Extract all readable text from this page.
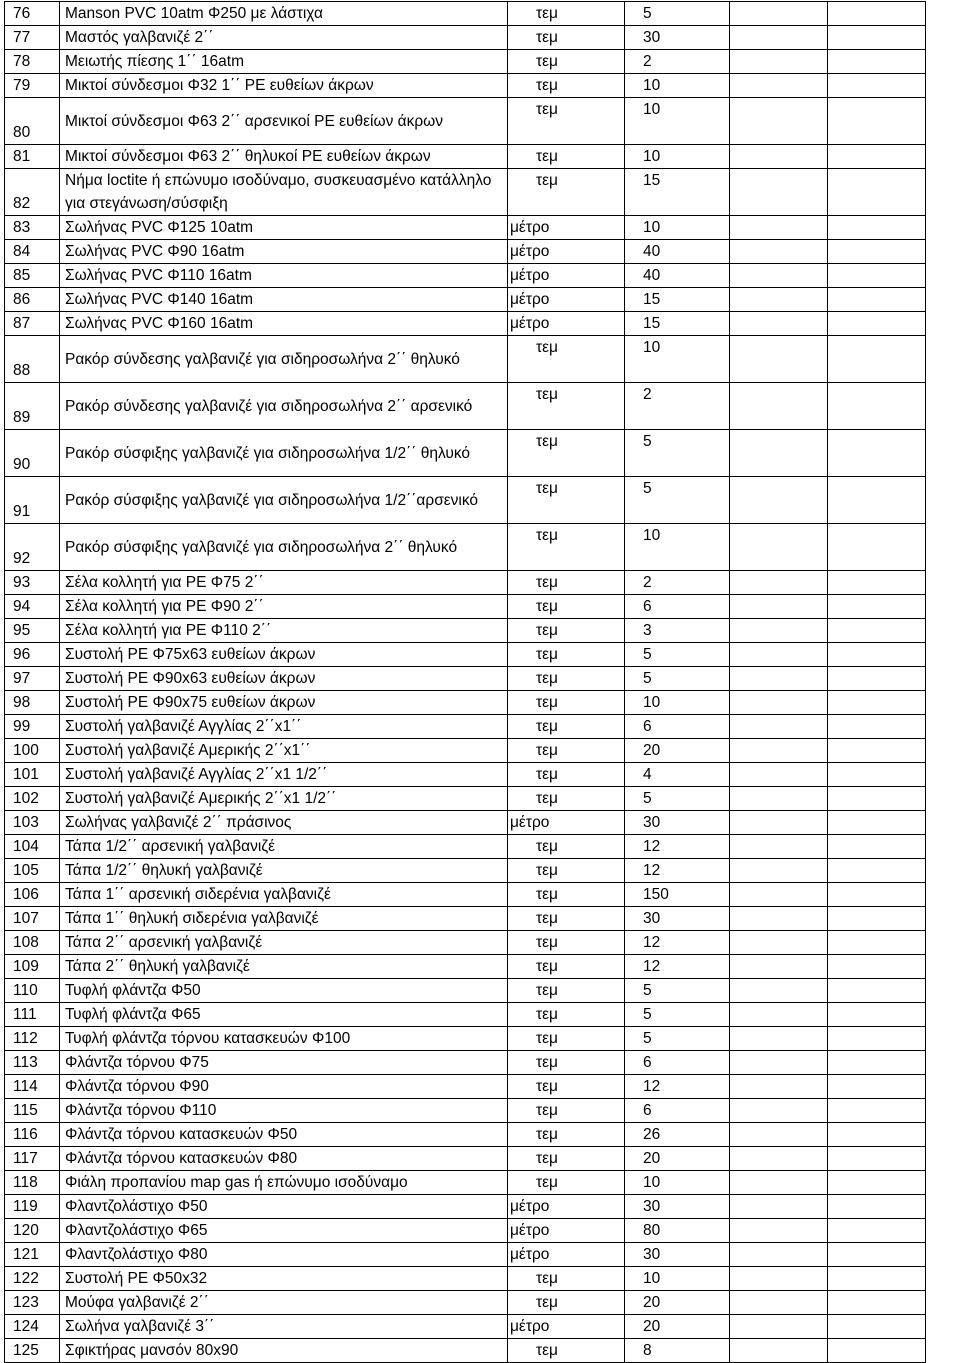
76	Manson PVC 10atm Φ250 με λάστιχα	τεμ	5		
77	Μαστός γαλβανιζέ 2΄΄	τεμ	30		
78	Μειωτής πίεσης 1΄΄ 16atm	τεμ	2		
79	Μικτοί σύνδεσμοι Φ32 1΄΄ PE ευθείων άκρων	τεμ	10		
80	Μικτοί σύνδεσμοι Φ63 2΄΄ αρσενικοί PE ευθείων άκρων	τεμ	10		
81	Μικτοί σύνδεσμοι Φ63 2΄΄ θηλυκοί PE ευθείων άκρων	τεμ	10		
82	Νήμα loctite ή επώνυμο ισοδύναμο, συσκευασμένο κατάλληλο για στεγάνωση/σύσφιξη	τεμ	15		
83	Σωλήνας PVC Φ125 10atm	μέτρο	10		
84	Σωλήνας PVC Φ90 16atm	μέτρο	40		
85	Σωλήνας PVC Φ110 16atm	μέτρο	40		
86	Σωλήνας PVC Φ140 16atm	μέτρο	15		
87	Σωλήνας PVC Φ160 16atm	μέτρο	15		
88	Ρακόρ σύνδεσης γαλβανιζέ για σιδηροσωλήνα 2΄΄ θηλυκό	τεμ	10		
89	Ρακόρ σύνδεσης γαλβανιζέ για σιδηροσωλήνα 2΄΄ αρσενικό	τεμ	2		
90	Ρακόρ σύσφιξης γαλβανιζέ για σιδηροσωλήνα 1/2΄΄ θηλυκό	τεμ	5		
91	Ρακόρ σύσφιξης γαλβανιζέ για σιδηροσωλήνα 1/2΄΄αρσενικό	τεμ	5		
92	Ρακόρ σύσφιξης γαλβανιζέ για σιδηροσωλήνα 2΄΄ θηλυκό	τεμ	10		
93	Σέλα κολλητή για PE Φ75 2΄΄	τεμ	2		
94	Σέλα κολλητή για PE Φ90 2΄΄	τεμ	6		
95	Σέλα κολλητή για PE Φ110 2΄΄	τεμ	3		
96	Συστολή PE Φ75x63 ευθείων άκρων	τεμ	5		
97	Συστολή PE Φ90x63 ευθείων άκρων	τεμ	5		
98	Συστολή PE Φ90x75 ευθείων άκρων	τεμ	10		
99	Συστολή γαλβανιζέ Αγγλίας 2΄΄x1΄΄	τεμ	6		
100	Συστολή γαλβανιζέ Αμερικής 2΄΄x1΄΄	τεμ	20		
101	Συστολή γαλβανιζέ Αγγλίας 2΄΄x1 1/2΄΄	τεμ	4		
102	Συστολή γαλβανιζέ Αμερικής 2΄΄x1 1/2΄΄	τεμ	5		
103	Σωλήνας γαλβανιζέ 2΄΄ πράσινος	μέτρο	30		
104	Τάπα 1/2΄΄ αρσενική γαλβανιζέ	τεμ	12		
105	Τάπα 1/2΄΄ θηλυκή γαλβανιζέ	τεμ	12		
106	Τάπα 1΄΄ αρσενική σιδερένια γαλβανιζέ	τεμ	150		
107	Τάπα 1΄΄ θηλυκή σιδερένια γαλβανιζέ	τεμ	30		
108	Τάπα 2΄΄ αρσενική γαλβανιζέ	τεμ	12		
109	Τάπα 2΄΄ θηλυκή γαλβανιζέ	τεμ	12		
110	Τυφλή φλάντζα Φ50	τεμ	5		
111	Τυφλή φλάντζα Φ65	τεμ	5		
112	Τυφλή φλάντζα τόρνου κατασκευών Φ100	τεμ	5		
113	Φλάντζα τόρνου Φ75	τεμ	6		
114	Φλάντζα τόρνου Φ90	τεμ	12		
115	Φλάντζα τόρνου Φ110	τεμ	6		
116	Φλάντζα τόρνου κατασκευών Φ50	τεμ	26		
117	Φλάντζα τόρνου κατασκευών Φ80	τεμ	20		
118	Φιάλη προπανίου map gas ή επώνυμο ισοδύναμο	τεμ	10		
119	Φλαντζολάστιχο Φ50	μέτρο	30		
120	Φλαντζολάστιχο Φ65	μέτρο	80		
121	Φλαντζολάστιχο Φ80	μέτρο	30		
122	Συστολή PE Φ50x32	τεμ	10		
123	Μούφα γαλβανιζέ 2΄΄	τεμ	20		
124	Σωλήνα γαλβανιζέ 3΄΄	μέτρο	20		
125	Σφικτήρας μανσόν 80x90	τεμ	8		
